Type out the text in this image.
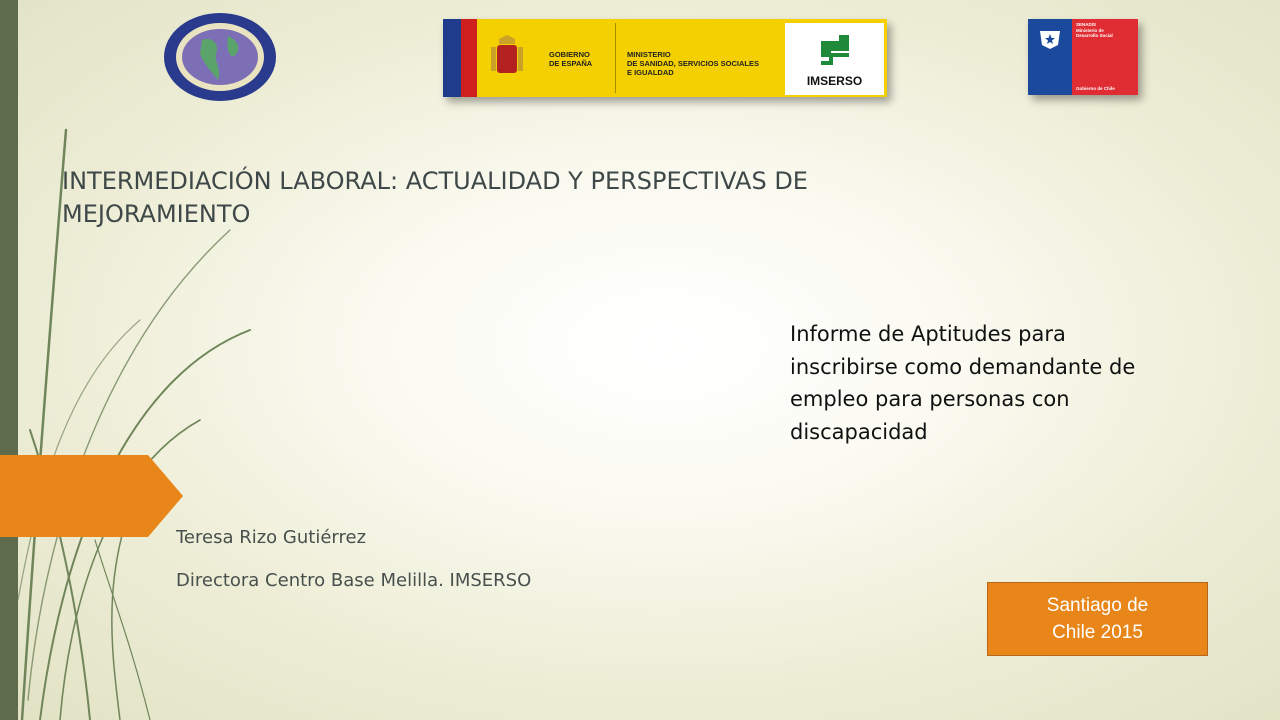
GOBIERNO
DE ESPAÑA
MINISTERIO
DE SANIDAD, SERVICIOS SOCIALES
E IGUALDAD
IMSERSO
SENADIS
Ministerio de
Desarrollo Social
Gobierno de Chile
INTERMEDIACIÓN LABORAL: ACTUALIDAD Y PERSPECTIVAS DE MEJORAMIENTO

Informe de Aptitudes para inscribirse como demandante de empleo para personas con discapacidad

Teresa Rizo Gutiérrez

Directora Centro Base Melilla. IMSERSO

Santiago de
Chile 2015
